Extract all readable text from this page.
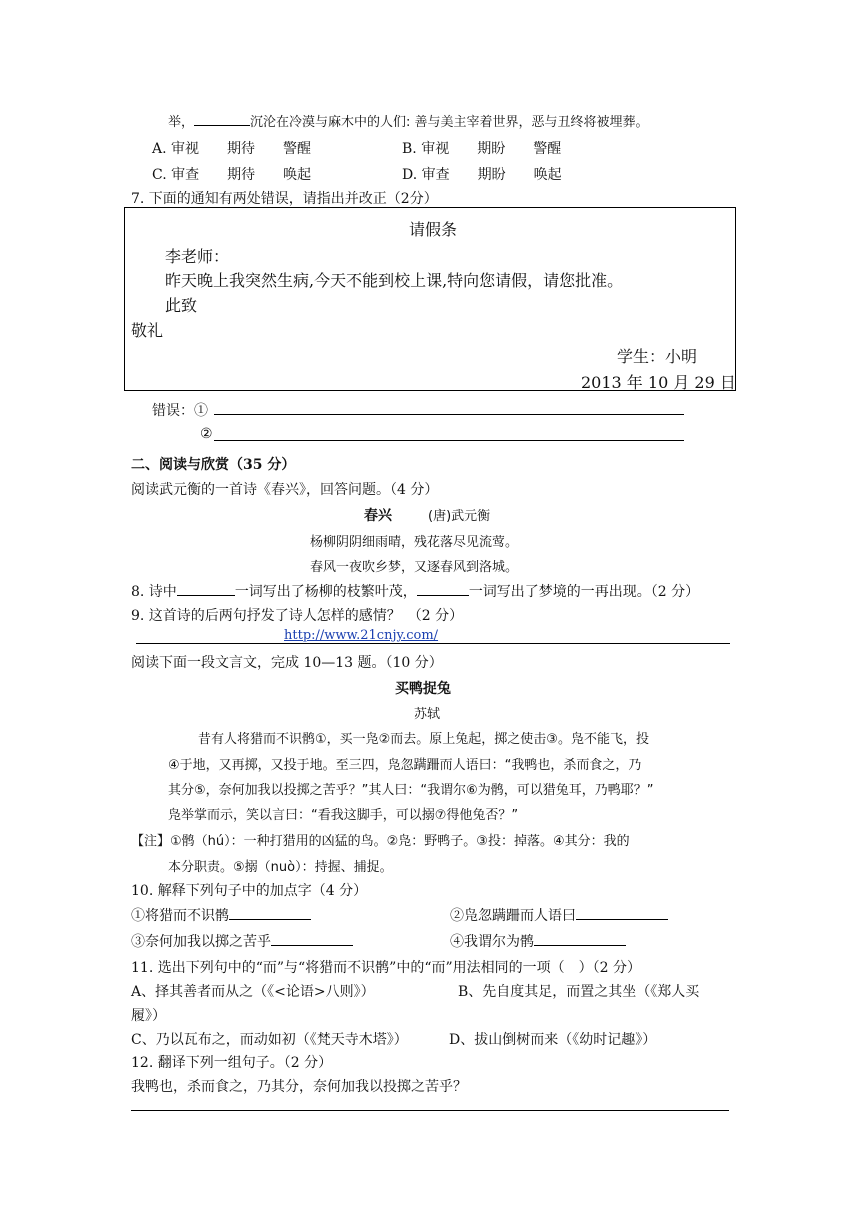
举，	沉沦在冷漠与麻木中的人们: 善与美主宰着世界，恶与丑终将被埋葬。
A. 审视　　期待　　警醒	B. 审视　　期盼　　警醒
C. 审查　　期待　　唤起	D. 审查　　期盼　　唤起
7. 下面的通知有两处错误，请指出并改正（2分）
请假条
李老师：
昨天晚上我突然生病,今天不能到校上课,特向您请假，请您批准。
此致
敬礼
学生：小明
2013 年 10 月 29 日
错误：①
②
二、阅读与欣赏（35 分）
阅读武元衡的一首诗《春兴》，回答问题。（4 分）
春兴	(唐)武元衡
杨柳阴阴细雨晴，残花落尽见流莺。
春风一夜吹乡梦，又逐春风到洛城。
8. 诗中	一词写出了杨柳的枝繁叶茂，	一词写出了梦境的一再出现。（2 分）
9. 这首诗的后两句抒发了诗人怎样的感情？　（2 分）
http://www.21cnjy.com/
阅读下面一段文言文，完成 10—13 题。（10 分）
买鸭捉兔
苏轼
昔有人将猎而不识鹘①，买一凫②而去。原上兔起，掷之使击③。凫不能飞，投
④于地，又再掷，又投于地。至三四，凫忽蹒跚而人语曰：“我鸭也，杀而食之，乃
其分⑤，奈何加我以投掷之苦乎？”其人曰：“我谓尔⑥为鹘，可以猎兔耳，乃鸭耶？”
凫举掌而示，笑以言曰：“看我这脚手，可以搦⑦得他兔否？”
【注】①鹘（hú）：一种打猎用的凶猛的鸟。②凫：野鸭子。③投：掉落。④其分：我的
本分职责。⑤搦（nuò）：持握、捕捉。
10. 解释下列句子中的加点字（4 分）
①将猎而不识鹘	②凫忽蹒跚而人语曰
③奈何加我以掷之苦乎	④我谓尔为鹘
11. 选出下列句中的“而”与“将猎而不识鹘”中的“而”用法相同的一项（　）（2 分）
A、择其善者而从之（《<论语>八则》）	B、先自度其足，而置之其坐（《郑人买
履》）
C、乃以瓦布之，而动如初（《梵天寺木塔》）	D、拔山倒树而来（《幼时记趣》）
12. 翻译下列一组句子。（2 分）
我鸭也，杀而食之，乃其分，奈何加我以投掷之苦乎？
